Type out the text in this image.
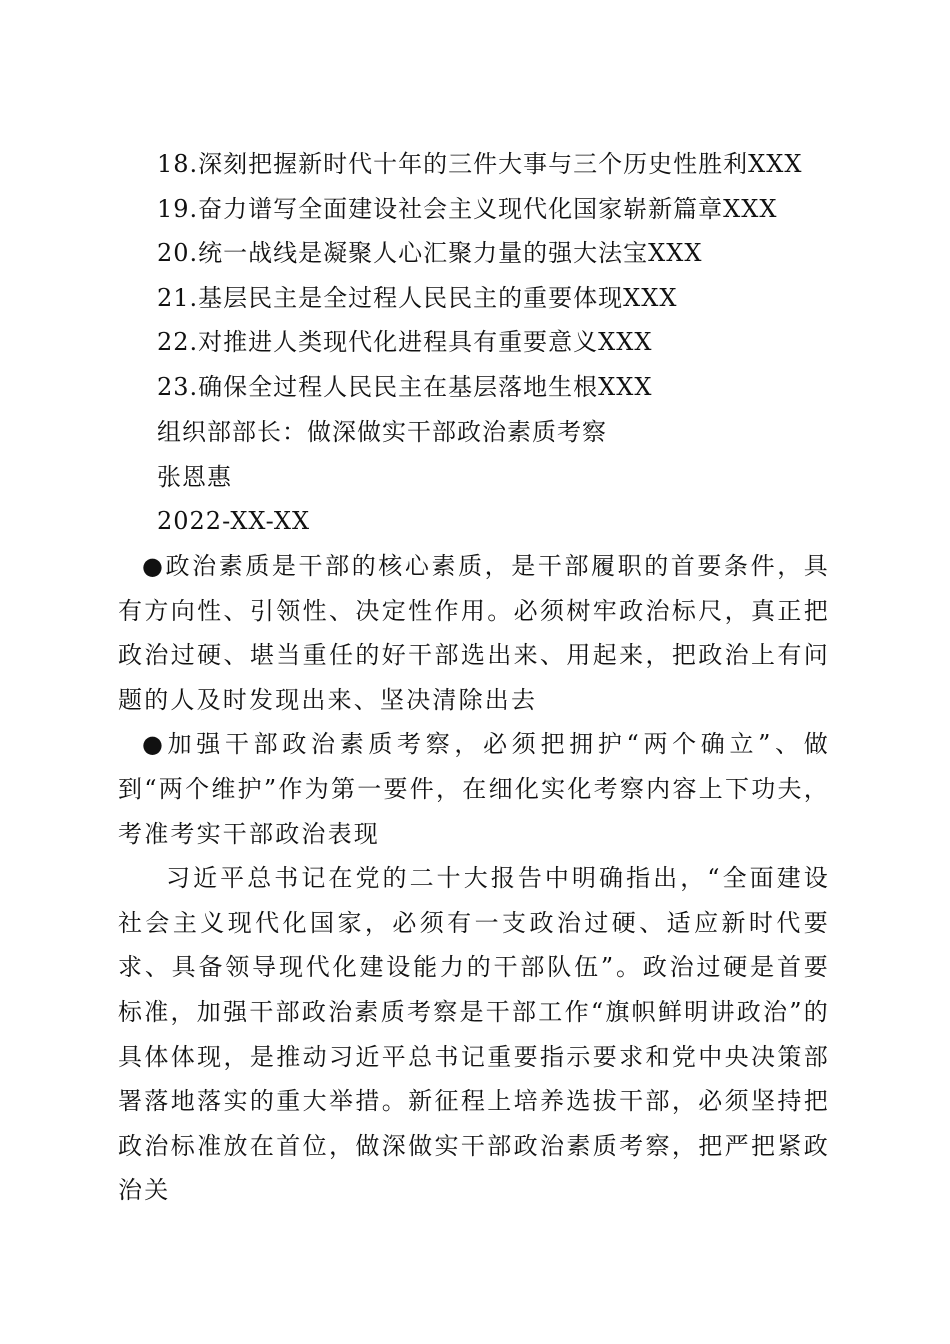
18.深刻把握新时代十年的三件大事与三个历史性胜利XXX
19.奋力谱写全面建设社会主义现代化国家崭新篇章XXX
20.统一战线是凝聚人心汇聚力量的强大法宝XXX
21.基层民主是全过程人民民主的重要体现XXX
22.对推进人类现代化进程具有重要意义XXX
23.确保全过程人民民主在基层落地生根XXX
组织部部长：做深做实干部政治素质考察
张恩惠
2022-XX-XX

●政治素质是干部的核心素质，是干部履职的首要条件，具有方向性、引领性、决定性作用。必须树牢政治标尺，真正把政治过硬、堪当重任的好干部选出来、用起来，把政治上有问题的人及时发现出来、坚决清除出去

●加强干部政治素质考察，必须把拥护“两个确立”、做到“两个维护”作为第一要件，在细化实化考察内容上下功夫，考准考实干部政治表现

习近平总书记在党的二十大报告中明确指出，“全面建设社会主义现代化国家，必须有一支政治过硬、适应新时代要求、具备领导现代化建设能力的干部队伍”。政治过硬是首要标准，加强干部政治素质考察是干部工作“旗帜鲜明讲政治”的具体体现，是推动习近平总书记重要指示要求和党中央决策部署落地落实的重大举措。新征程上培养选拔干部，必须坚持把政治标准放在首位，做深做实干部政治素质考察，把严把紧政治关
